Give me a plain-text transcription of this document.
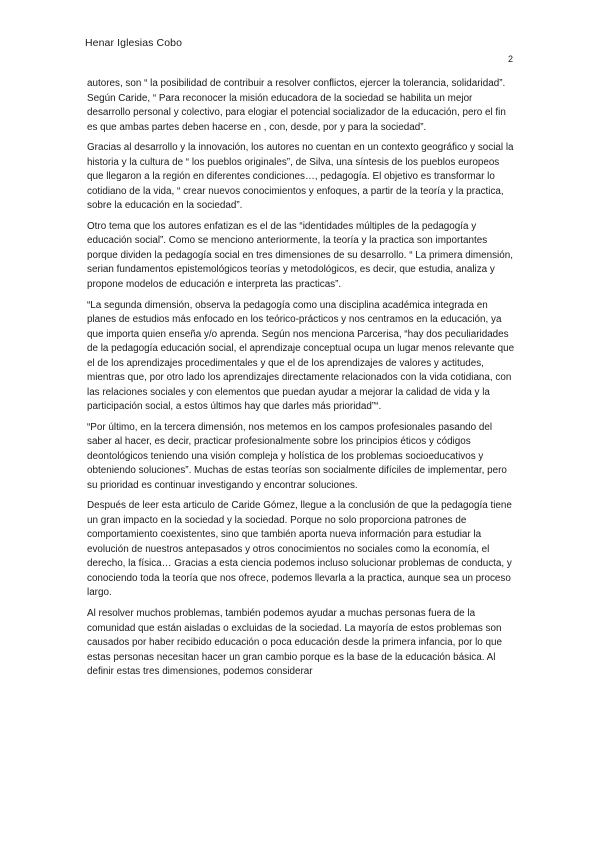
Henar Iglesias Cobo
2

autores, son “ la posibilidad de contribuir a resolver conflictos, ejercer la tolerancia, solidaridad”. Según Caride, “ Para reconocer la misión educadora de la sociedad se habilita un mejor desarrollo personal y colectivo, para elogiar el potencial socializador de la educación, pero el fin es que ambas partes deben hacerse en , con, desde, por y para la sociedad”.

Gracias al desarrollo y la innovación, los autores no cuentan en un contexto geográfico y social la historia y la cultura de “ los pueblos originales”, de Silva, una síntesis de los pueblos europeos que llegaron a la región en diferentes condiciones…, pedagogía. El objetivo es transformar lo cotidiano de la vida, “ crear nuevos conocimientos y enfoques, a partir de la teoría y la practica, sobre la educación en la sociedad”.

Otro tema que los autores enfatizan es el de las “identidades múltiples de la pedagogía y educación social”. Como se menciono anteriormente, la teoría y la practica son importantes porque dividen la pedagogía social en tres dimensiones de su desarrollo. “ La primera dimensión, serian fundamentos epistemológicos teorías y metodológicos, es decir, que estudia, analiza y propone modelos de educación e interpreta las practicas”.

“La segunda dimensión, observa la pedagogía como una disciplina académica integrada en planes de estudios más enfocado en los teórico-prácticos y nos centramos en la educación, ya que importa quien enseña y/o aprenda. Según nos menciona Parcerisa, “hay dos peculiaridades de la pedagogía educación social, el aprendizaje conceptual ocupa un lugar menos relevante que el de los aprendizajes procedimentales y que el de los aprendizajes de valores y actitudes, mientras que, por otro lado los aprendizajes directamente relacionados con la vida cotidiana, con las relaciones sociales y con elementos que puedan ayudar a mejorar la calidad de vida y la participación social, a estos últimos hay que darles más prioridad”“.

“Por último, en la tercera dimensión, nos metemos en los campos profesionales pasando del saber al hacer, es decir, practicar profesionalmente sobre los principios éticos y códigos deontológicos teniendo una visión compleja y holística de los problemas socioeducativos y obteniendo soluciones”. Muchas de estas teorías son socialmente difíciles de implementar, pero su prioridad es continuar investigando y encontrar soluciones.

Después de leer esta articulo de Caride Gómez, llegue a la conclusión de que la pedagogía tiene un gran impacto en la sociedad y la sociedad. Porque no solo proporciona patrones de comportamiento coexistentes, sino que también aporta nueva información para estudiar la evolución de nuestros antepasados y otros conocimientos no sociales como la economía, el derecho, la física… Gracias a esta ciencia podemos incluso solucionar problemas de conducta, y conociendo toda la teoría que nos ofrece, podemos llevarla a la practica, aunque sea un proceso largo.

Al resolver muchos problemas, también podemos ayudar a muchas personas fuera de la comunidad que están aisladas o excluidas de la sociedad. La mayoría de estos problemas son causados por haber recibido educación o poca educación desde la primera infancia, por lo que estas personas necesitan hacer un gran cambio porque es la base de la educación básica. Al definir estas tres dimensiones, podemos considerar
